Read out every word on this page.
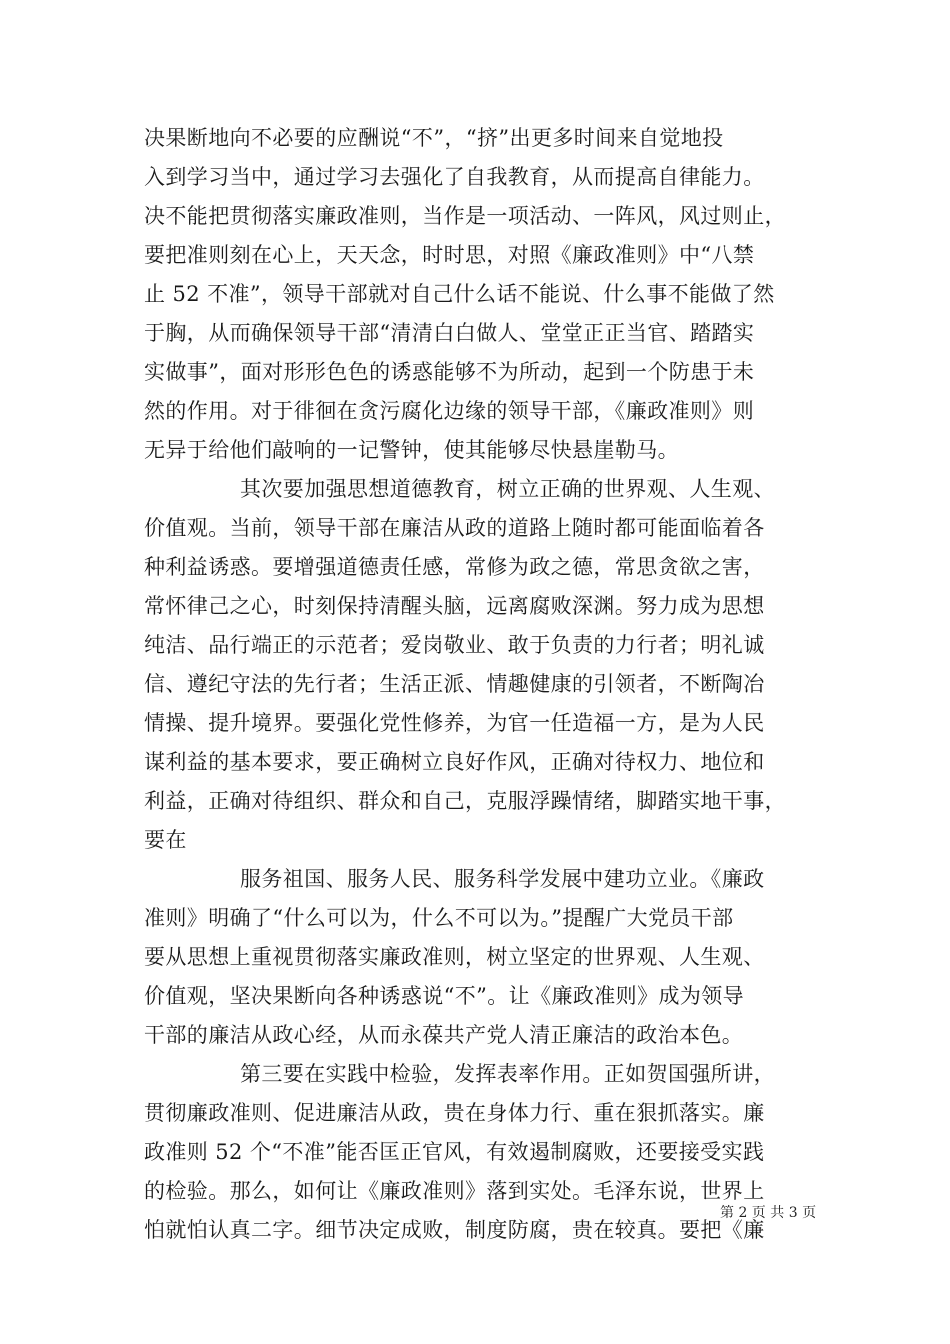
决果断地向不必要的应酬说“不”，“挤”出更多时间来自觉地投
入到学习当中，通过学习去强化了自我教育，从而提高自律能力。
决不能把贯彻落实廉政准则，当作是一项活动、一阵风，风过则止，
要把准则刻在心上，天天念，时时思，对照《廉政准则》中“八禁
止 52 不准”，领导干部就对自己什么话不能说、什么事不能做了然
于胸，从而确保领导干部“清清白白做人、堂堂正正当官、踏踏实
实做事”，面对形形色色的诱惑能够不为所动，起到一个防患于未
然的作用。对于徘徊在贪污腐化边缘的领导干部，《廉政准则》则
无异于给他们敲响的一记警钟，使其能够尽快悬崖勒马。
其次要加强思想道德教育，树立正确的世界观、人生观、
价值观。当前，领导干部在廉洁从政的道路上随时都可能面临着各
种利益诱惑。要增强道德责任感，常修为政之德，常思贪欲之害，
常怀律己之心，时刻保持清醒头脑，远离腐败深渊。努力成为思想
纯洁、品行端正的示范者；爱岗敬业、敢于负责的力行者；明礼诚
信、遵纪守法的先行者；生活正派、情趣健康的引领者，不断陶冶
情操、提升境界。要强化党性修养，为官一任造福一方，是为人民
谋利益的基本要求，要正确树立良好作风，正确对待权力、地位和
利益，正确对待组织、群众和自己，克服浮躁情绪，脚踏实地干事，
要在
服务祖国、服务人民、服务科学发展中建功立业。《廉政
准则》明确了“什么可以为，什么不可以为。”提醒广大党员干部
要从思想上重视贯彻落实廉政准则，树立坚定的世界观、人生观、
价值观，坚决果断向各种诱惑说“不”。让《廉政准则》成为领导
干部的廉洁从政心经，从而永葆共产党人清正廉洁的政治本色。
第三要在实践中检验，发挥表率作用。正如贺国强所讲，
贯彻廉政准则、促进廉洁从政，贵在身体力行、重在狠抓落实。廉
政准则 52 个“不准”能否匡正官风，有效遏制腐败，还要接受实践
的检验。那么，如何让《廉政准则》落到实处。毛泽东说，世界上
怕就怕认真二字。细节决定成败，制度防腐，贵在较真。要把《廉
第 2 页 共 3 页
